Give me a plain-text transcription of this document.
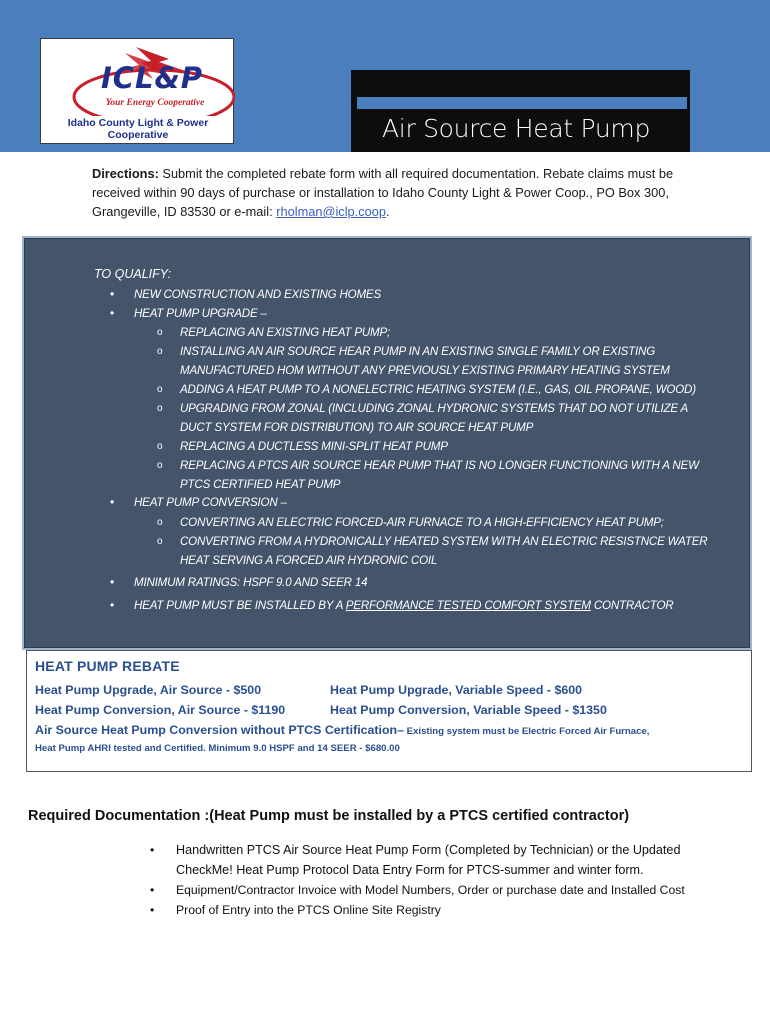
ICL&P
Your Energy Cooperative
Idaho County Light & Power
Cooperative	Air Source Heat Pump
Directions: Submit the completed rebate form with all required documentation. Rebate claims must be received within 90 days of purchase or installation to Idaho County Light & Power Coop., PO Box 300, Grangeville, ID 83530 or e-mail: rholman@iclp.coop.
TO QUALIFY:
• NEW CONSTRUCTION AND EXISTING HOMES
• HEAT PUMP UPGRADE –
o REPLACING AN EXISTING HEAT PUMP;
o INSTALLING AN AIR SOURCE HEAR PUMP IN AN EXISTING SINGLE FAMILY OR EXISTING
MANUFACTURED HOM WITHOUT ANY PREVIOUSLY EXISTING PRIMARY HEATING SYSTEM
o ADDING A HEAT PUMP TO A NONELECTRIC HEATING SYSTEM (I.E., GAS, OIL PROPANE, WOOD)
o UPGRADING FROM ZONAL (INCLUDING ZONAL HYDRONIC SYSTEMS THAT DO NOT UTILIZE A
DUCT SYSTEM FOR DISTRIBUTION) TO AIR SOURCE HEAT PUMP
o REPLACING A DUCTLESS MINI-SPLIT HEAT PUMP
o REPLACING A PTCS AIR SOURCE HEAR PUMP THAT IS NO LONGER FUNCTIONING WITH A NEW
PTCS CERTIFIED HEAT PUMP
• HEAT PUMP CONVERSION –
o CONVERTING AN ELECTRIC FORCED-AIR FURNACE TO A HIGH-EFFICIENCY HEAT PUMP;
o CONVERTING FROM A HYDRONICALLY HEATED SYSTEM WITH AN ELECTRIC RESISTNCE WATER
HEAT SERVING A FORCED AIR HYDRONIC COIL
• MINIMUM RATINGS: HSPF 9.0 AND SEER 14
• HEAT PUMP MUST BE INSTALLED BY A PERFORMANCE TESTED COMFORT SYSTEM CONTRACTOR
HEAT PUMP REBATE
Heat Pump Upgrade, Air Source - $500	Heat Pump Upgrade, Variable Speed - $600
Heat Pump Conversion, Air Source - $1190	Heat Pump Conversion, Variable Speed - $1350
Air Source Heat Pump Conversion without PTCS Certification– Existing system must be Electric Forced Air Furnace,
Heat Pump AHRI tested and Certified. Minimum 9.0 HSPF and 14 SEER - $680.00
Required Documentation :(Heat Pump must be installed by a PTCS certified contractor)
• Handwritten PTCS Air Source Heat Pump Form (Completed by Technician) or the Updated CheckMe! Heat Pump Protocol Data Entry Form for PTCS-summer and winter form.
• Equipment/Contractor Invoice with Model Numbers, Order or purchase date and Installed Cost
• Proof of Entry into the PTCS Online Site Registry
